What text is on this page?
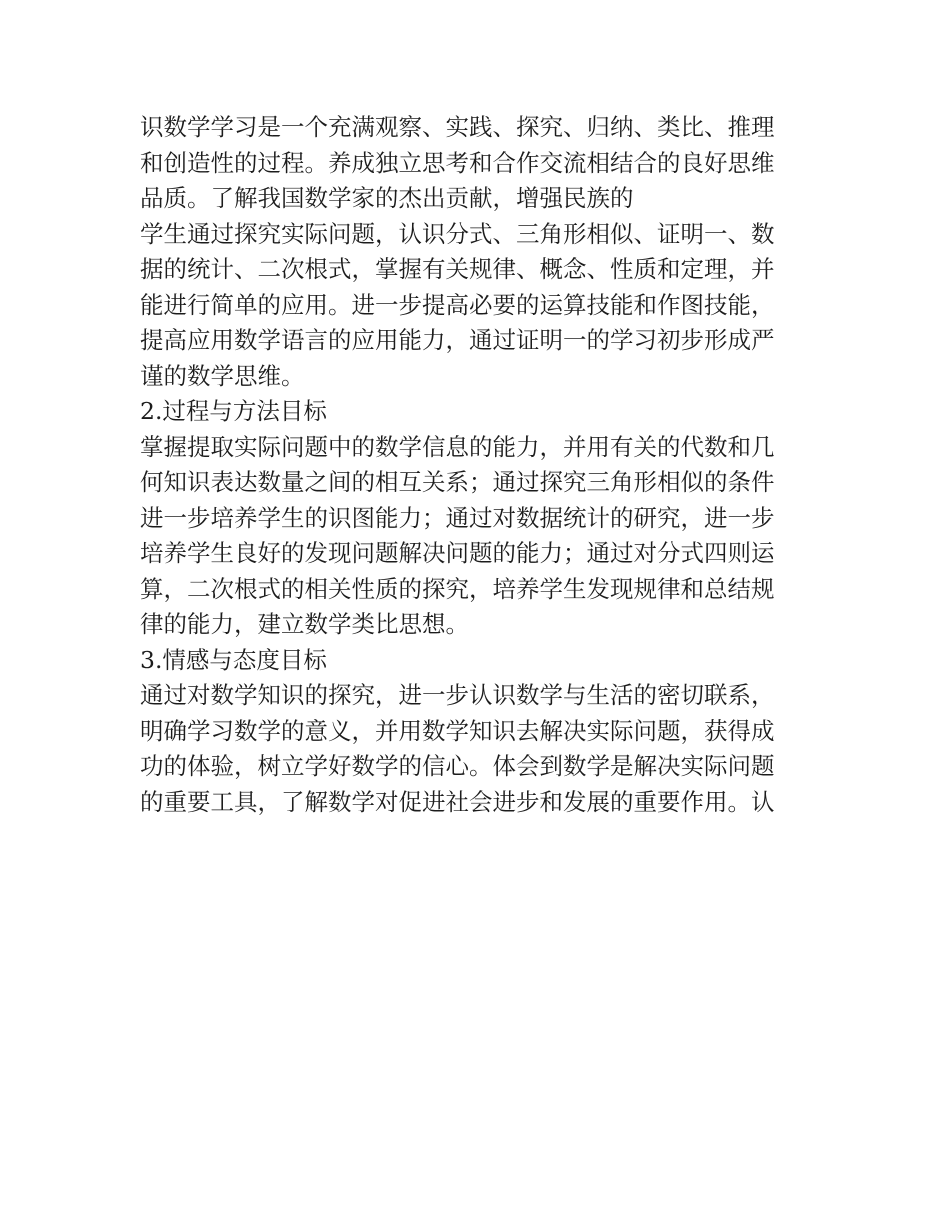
识数学学习是一个充满观察、实践、探究、归纳、类比、推理
和创造性的过程。养成独立思考和合作交流相结合的良好思维
品质。了解我国数学家的杰出贡献，增强民族的
学生通过探究实际问题，认识分式、三角形相似、证明一、数
据的统计、二次根式，掌握有关规律、概念、性质和定理，并
能进行简单的应用。进一步提高必要的运算技能和作图技能，
提高应用数学语言的应用能力，通过证明一的学习初步形成严
谨的数学思维。
2.过程与方法目标
掌握提取实际问题中的数学信息的能力，并用有关的代数和几
何知识表达数量之间的相互关系；通过探究三角形相似的条件
进一步培养学生的识图能力；通过对数据统计的研究，进一步
培养学生良好的发现问题解决问题的能力；通过对分式四则运
算，二次根式的相关性质的探究，培养学生发现规律和总结规
律的能力，建立数学类比思想。
3.情感与态度目标
通过对数学知识的探究，进一步认识数学与生活的密切联系，
明确学习数学的意义，并用数学知识去解决实际问题，获得成
功的体验，树立学好数学的信心。体会到数学是解决实际问题
的重要工具，了解数学对促进社会进步和发展的重要作用。认
